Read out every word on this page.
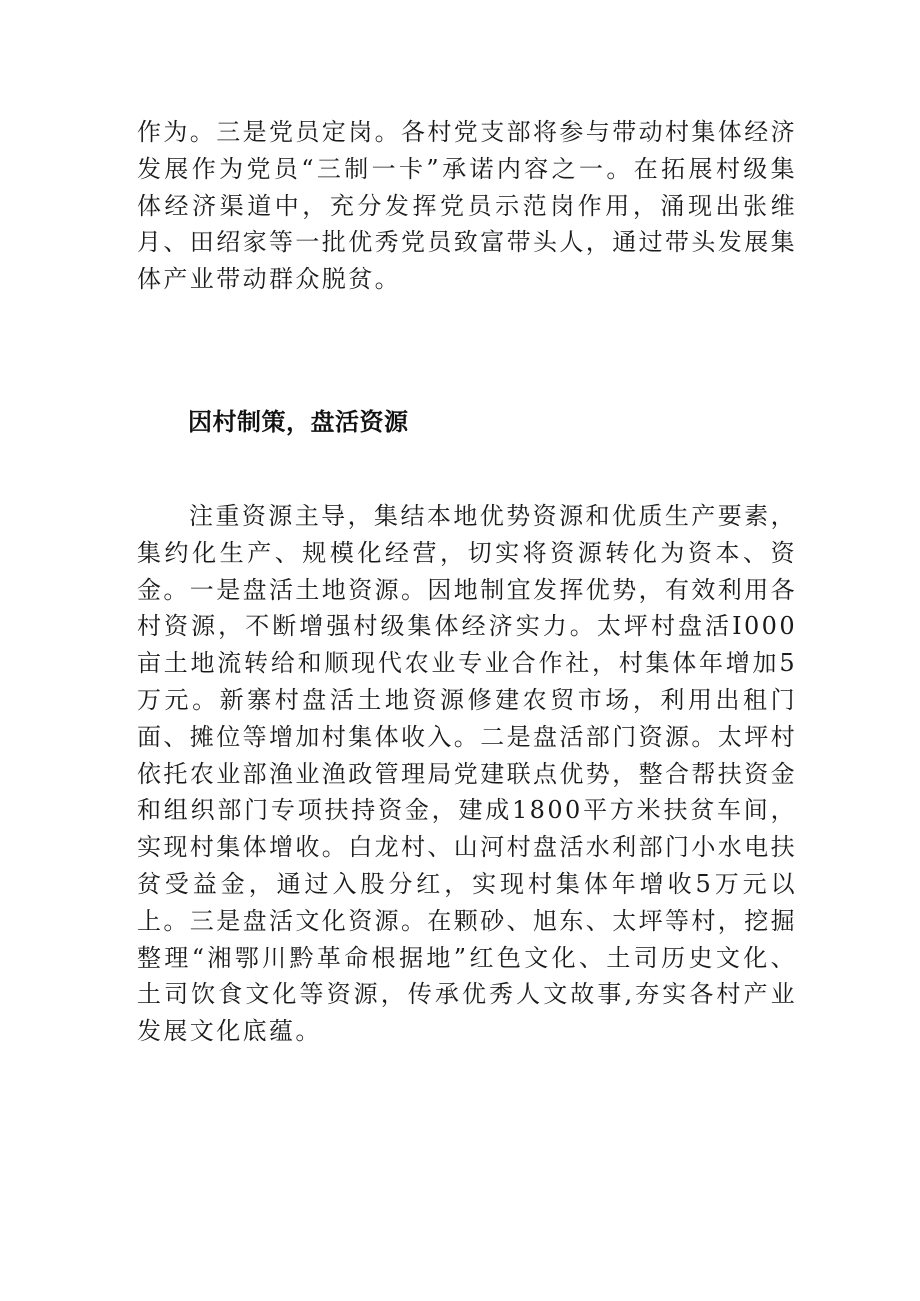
作为。三是党员定岗。各村党支部将参与带动村集体经济发展作为党员“三制一卡”承诺内容之一。在拓展村级集体经济渠道中，充分发挥党员示范岗作用，涌现出张维月、田绍家等一批优秀党员致富带头人，通过带头发展集体产业带动群众脱贫。

因村制策，盘活资源

注重资源主导，集结本地优势资源和优质生产要素，集约化生产、规模化经营，切实将资源转化为资本、资金。一是盘活土地资源。因地制宜发挥优势，有效利用各村资源，不断增强村级集体经济实力。太坪村盘活I000亩土地流转给和顺现代农业专业合作社，村集体年增加5万元。新寨村盘活土地资源修建农贸市场，利用出租门面、摊位等增加村集体收入。二是盘活部门资源。太坪村依托农业部渔业渔政管理局党建联点优势，整合帮扶资金和组织部门专项扶持资金，建成1800平方米扶贫车间，实现村集体增收。白龙村、山河村盘活水利部门小水电扶贫受益金，通过入股分红，实现村集体年增收5万元以上。三是盘活文化资源。在颗砂、旭东、太坪等村，挖掘整理“湘鄂川黔革命根据地”红色文化、土司历史文化、土司饮食文化等资源，传承优秀人文故事,夯实各村产业发展文化底蕴。
